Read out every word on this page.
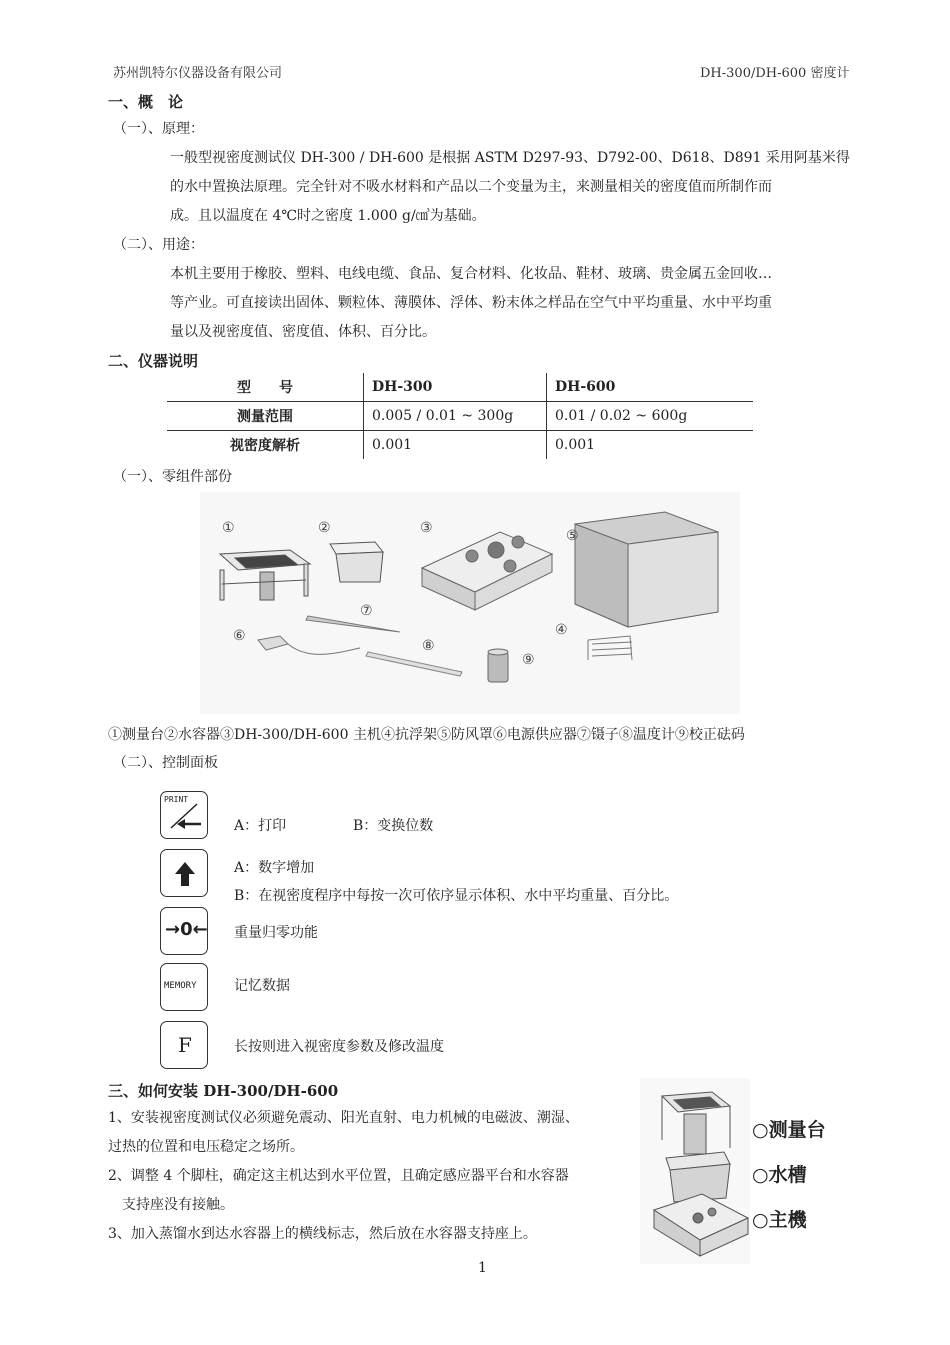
苏州凯特尔仪器设备有限公司	DH-300/DH-600 密度计
一、概　论
（一）、原理：
一般型视密度测试仪 DH-300 / DH-600 是根据 ASTM D297-93、D792-00、D618、D891 采用阿基米得
的水中置换法原理。完全针对不吸水材料和产品以二个变量为主，来测量相关的密度值而所制作而
成。且以温度在 4℃时之密度 1.000 g/㎤为基础。
（二）、用途：
本机主要用于橡胶、塑料、电线电缆、食品、复合材料、化妆品、鞋材、玻璃、贵金属五金回收…
等产业。可直接读出固体、颗粒体、薄膜体、浮体、粉末体之样品在空气中平均重量、水中平均重
量以及视密度值、密度值、体积、百分比。
二、仪器说明
型　　号	DH-300	DH-600
测量范围	0.005 / 0.01 ~ 300g	0.01 / 0.02 ~ 600g
视密度解析	0.001	0.001
（一）、零组件部份
①	②	③
④
⑤
⑥
⑦
⑧
⑨
①测量台②水容器③DH-300/DH-600 主机④抗浮架⑤防风罩⑥电源供应器⑦镊子⑧温度计⑨校正砝码
（二）、控制面板
PRINT
A：打印	B：变换位数
A：数字增加
B：在视密度程序中每按一次可依序显示体积、水中平均重量、百分比。
→0← 重量归零功能
MEMORY	记忆数据
F	长按则进入视密度参数及修改温度
三、如何安装 DH-300/DH-600
1、安装视密度测试仪必须避免震动、阳光直射、电力机械的电磁波、潮湿、
过热的位置和电压稳定之场所。
2、调整 4 个脚柱，确定这主机达到水平位置，且确定感应器平台和水容器
　支持座没有接触。
3、加入蒸馏水到达水容器上的横线标志，然后放在水容器支持座上。
○测量台
○水槽
○主機
1
